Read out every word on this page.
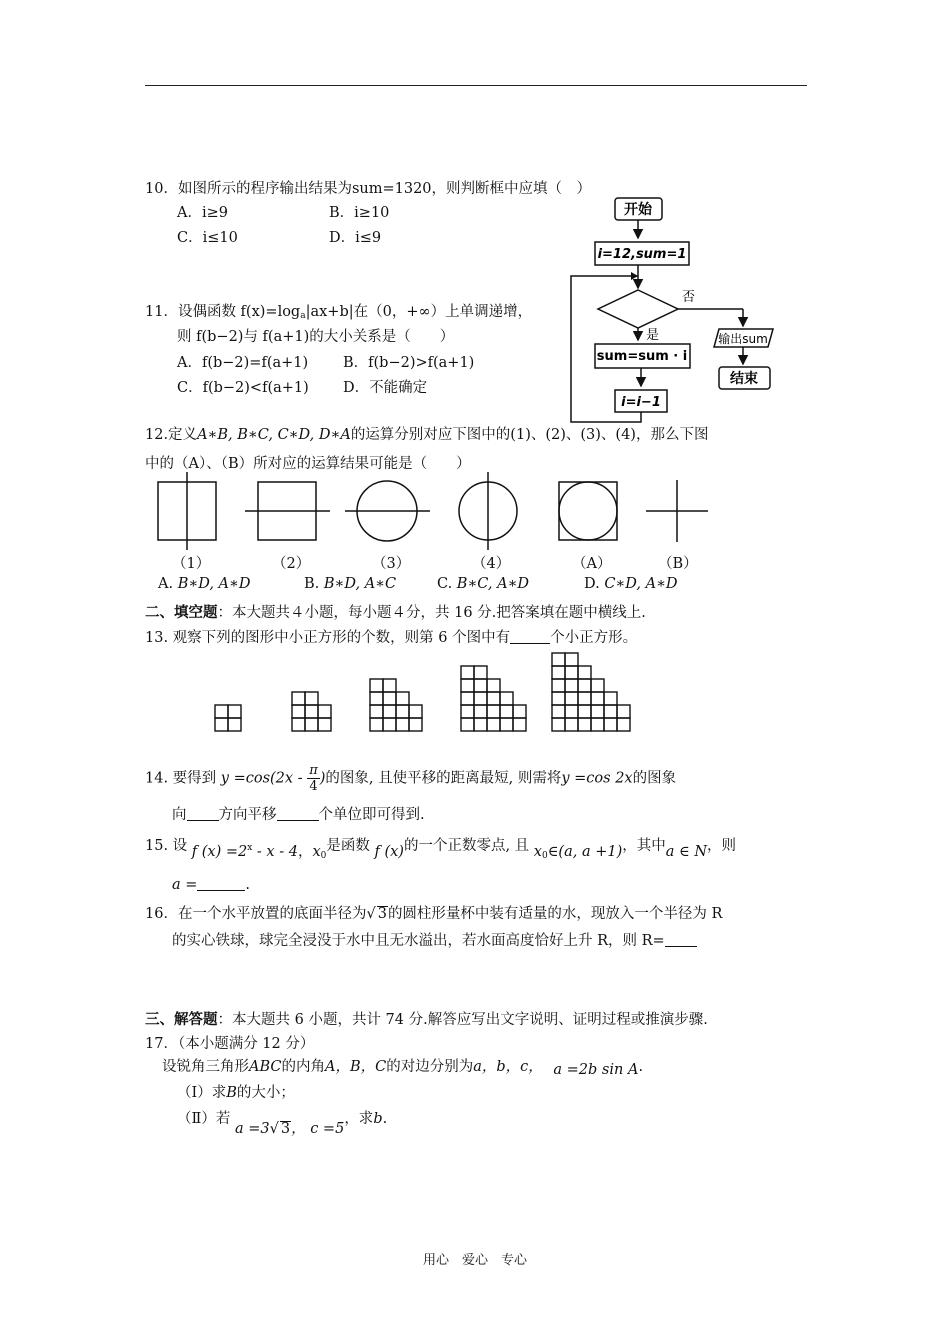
10．如图所示的程序输出结果为sum=1320，则判断框中应填（　）
A．i≥9	B．i≥10
C．i≤10	D．i≤9
开始
i=12,sum=1
否
是	输出sum
结束
sum=sum · i
i=i−1
11．设偶函数 $f(x)=\log_a|ax+b|$在（0，+∞）上单调递增，
则 f(b−2)与 f(a+1)的大小关系是（　　）
A．f(b−2)=f(a+1) B．f(b−2)>f(a+1)
C．f(b−2)<f(a+1) D．不能确定
12.定义A∗B, B∗C, C∗D, D∗A的运算分别对应下图中的(1)、(2)、(3)、(4)，那么下图
中的（A）、（B）所对应的运算结果可能是（　　）
（1）	（2）	（3）	（4）	（A）	（B）
A. B∗D, A∗D	B. B∗D, A∗C	C. B∗C, A∗D	D. C∗D, A∗D
二、填空题：本大题共４小题，每小题４分，共 16 分.把答案填在题中横线上.
13. 观察下列的图形中小正方形的个数，则第 6 个图中有	个小正方形。
14. 要得到 $y =\cos(2x - \frac{\pi}{4}$ )的图象, 且使平移的距离最短, 则需将y =cos 2x的图象
向 方向平移	个单位即可得到.
15. 设 f $(x) =2^x - x - 4$，$x_0$是函数 f (x)的一个正数零点, 且 $x_0\in(a$, a +1)，其中a ∈ N，则
a =	.
16．在一个水平放置的底面半径为√ 3的圆柱形量杯中装有适量的水，现放入一个半径为 R
的实心铁球，球完全浸没于水中且无水溢出，若水面高度恰好上升 R，则 R=
三、解答题：本大题共 6 小题，共计 74 分.解答应写出文字说明、证明过程或推演步骤.
17．（本小题满分 12 分）
设锐角三角形ABC的内角A，B，C的对边分别为a，b，c， a =2b sin A.
（Ⅰ）求B的大小；
（Ⅱ）若 a =3√ 3， c =5，求b.
用心　爱心　专心
